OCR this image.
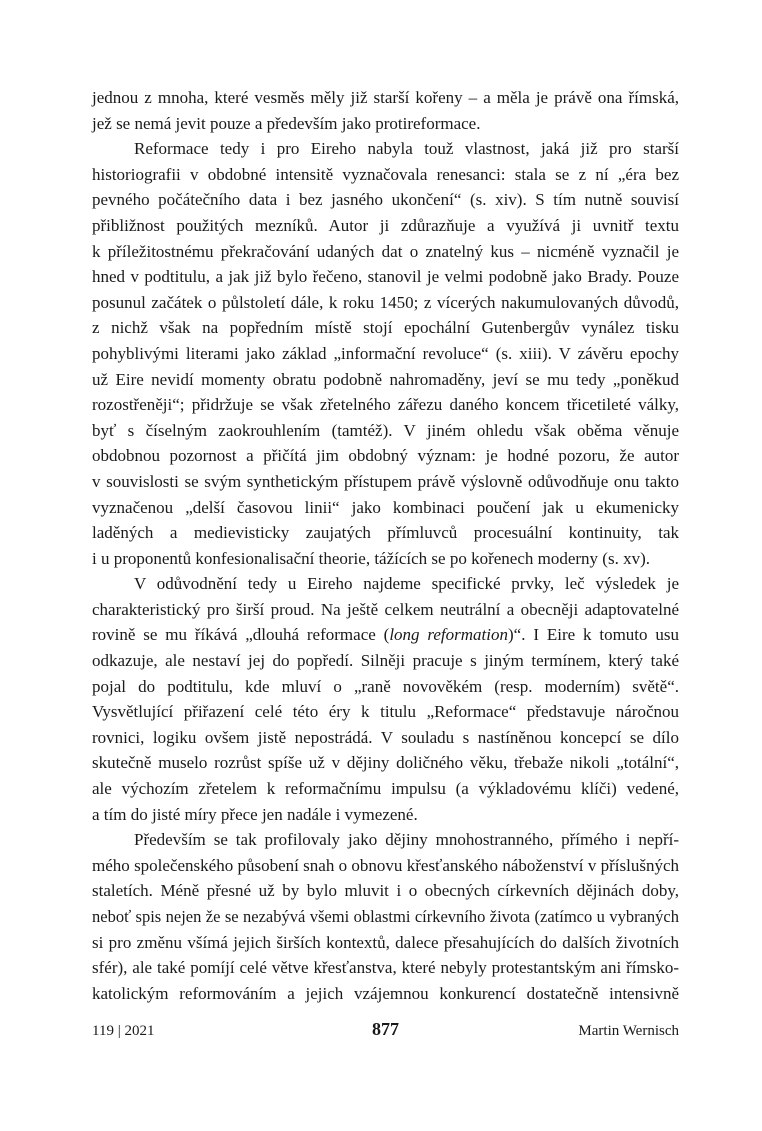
jednou z mnoha, které vesměs měly již starší kořeny – a měla je právě ona římská,
jež se nemá jevit pouze a především jako protireformace.
Reformace tedy i pro Eireho nabyla touž vlastnost, jaká již pro starší
historiografii v obdobné intensitě vyznačovala renesanci: stala se z ní „éra bez
pevného počátečního data i bez jasného ukončení“ (s. xiv). S tím nutně souvisí
přibližnost použitých mezníků. Autor ji zdůrazňuje a využívá ji uvnitř textu
k příležitostnému překračování udaných dat o znatelný kus – nicméně vyznačil je
hned v podtitulu, a jak již bylo řečeno, stanovil je velmi podobně jako Brady. Pouze
posunul začátek o půlstoletí dále, k roku 1450; z vícerých nakumulovaných důvodů,
z nichž však na popředním místě stojí epochální Gutenbergův vynález tisku
pohyblivými literami jako základ „informační revoluce“ (s. xiii). V závěru epochy
už Eire nevidí momenty obratu podobně nahromaděny, jeví se mu tedy „poněkud
rozostřeněji“; přidržuje se však zřetelného zářezu daného koncem třicetileté války,
byť s číselným zaokrouhlením (tamtéž). V jiném ohledu však oběma věnuje
obdobnou pozornost a přičítá jim obdobný význam: je hodné pozoru, že autor
v souvislosti se svým synthetickým přístupem právě výslovně odůvodňuje onu takto
vyznačenou „delší časovou linii“ jako kombinaci poučení jak u ekumenicky
laděných a medievisticky zaujatých přímluvců procesuální kontinuity, tak
i u proponentů konfesionalisační theorie, tážících se po kořenech moderny (s. xv).
V odůvodnění tedy u Eireho najdeme specifické prvky, leč výsledek je
charakteristický pro širší proud. Na ještě celkem neutrální a obecněji adaptovatelné
rovině se mu říkává „dlouhá reformace (long reformation)“. I Eire k tomuto usu
odkazuje, ale nestaví jej do popředí. Silněji pracuje s jiným termínem, který také
pojal do podtitulu, kde mluví o „raně novověkém (resp. moderním) světě“.
Vysvětlující přiřazení celé této éry k titulu „Reformace“ představuje náročnou
rovnici, logiku ovšem jistě nepostrádá. V souladu s nastíněnou koncepcí se dílo
skutečně muselo rozrůst spíše už v dějiny doličného věku, třebaže nikoli „totální“,
ale výchozím zřetelem k reformačnímu impulsu (a výkladovému klíči) vedené,
a tím do jisté míry přece jen nadále i vymezené.
Především se tak profilovaly jako dějiny mnohostranného, přímého i nepří-
mého společenského působení snah o obnovu křesťanského náboženství v příslušných
staletích. Méně přesné už by bylo mluvit i o obecných církevních dějinách doby,
neboť spis nejen že se nezabývá všemi oblastmi církevního života (zatímco u vybraných
si pro změnu všímá jejich širších kontextů, dalece přesahujících do dalších životních
sfér), ale také pomíjí celé větve křesťanstva, které nebyly protestantským ani římsko-
katolickým reformováním a jejich vzájemnou konkurencí dostatečně intensivně
119 | 2021	877	Martin Wernisch
